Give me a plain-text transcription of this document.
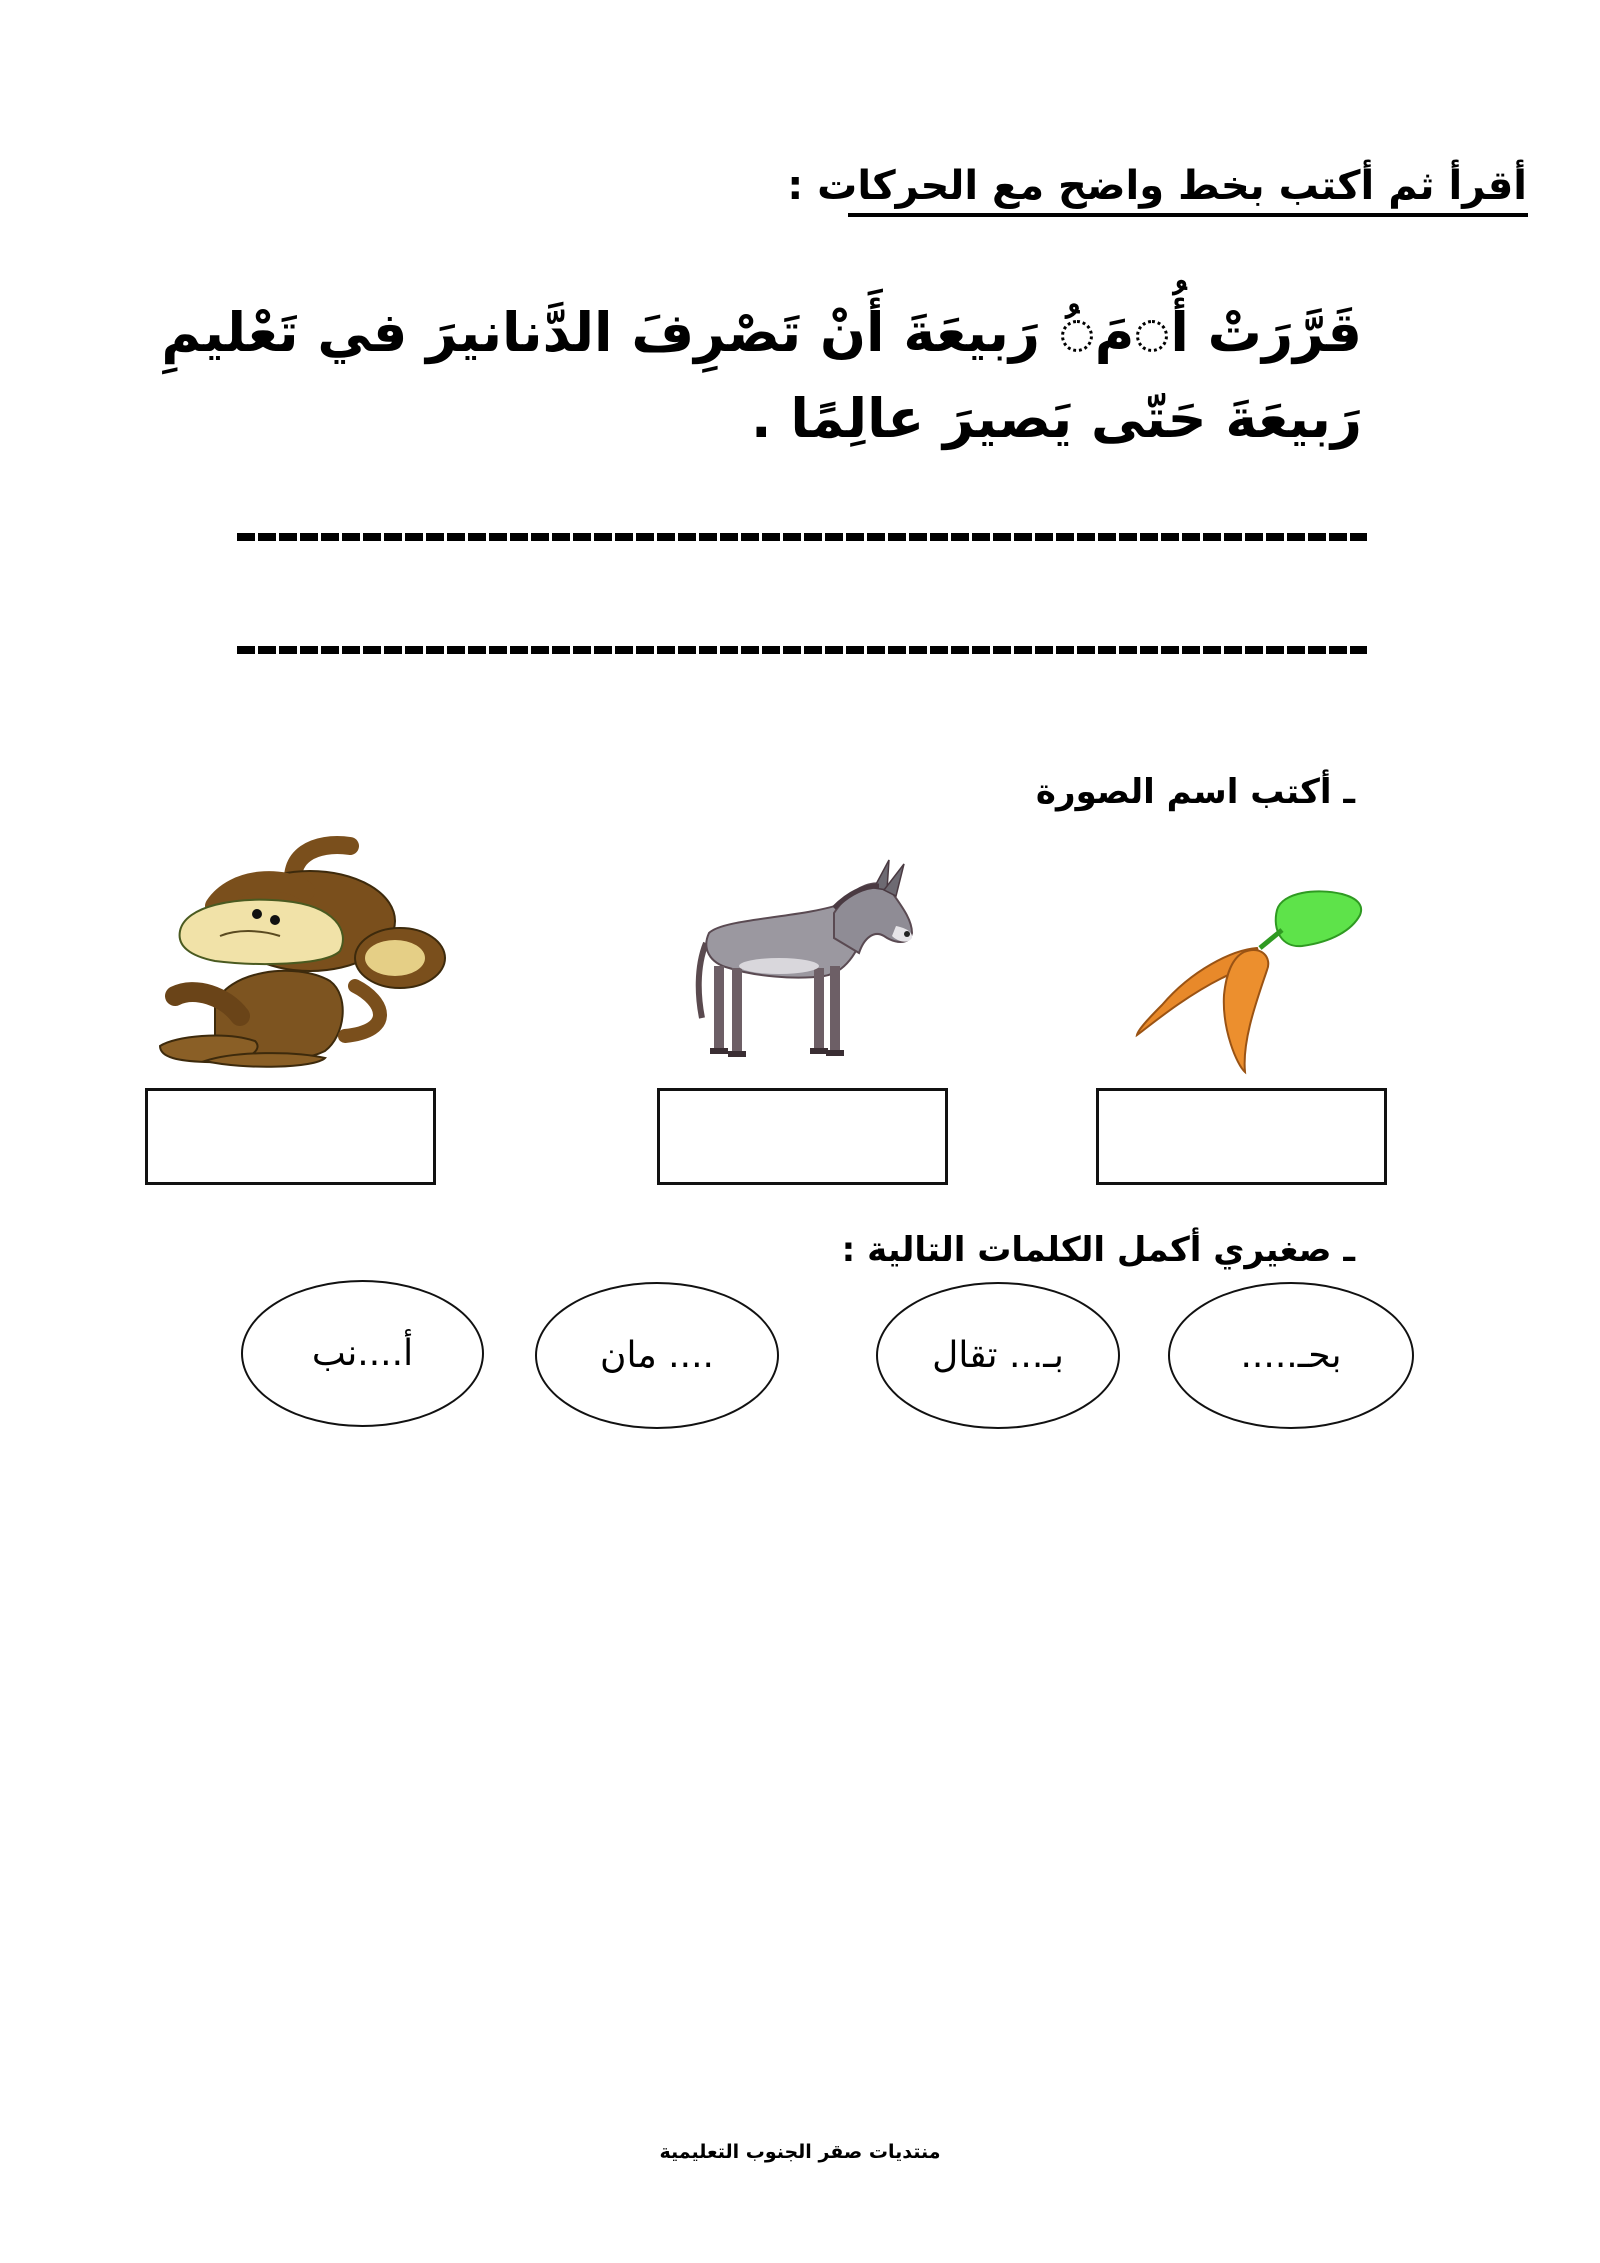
أقرأ ثم أكتب بخط واضح مع الحركات :
قَرَّرَتْ أُمَُ رَبيعَةَ أَنْ تَصْرِفَ الدَّنانيرَ في تَعْليمِ
رَبيعَةَ حَتّى يَصيرَ عالِمًا .
ـ أكتب اسم الصورة
ـ صغيري أكمل الكلمات التالية :
أ....نب	.... مان	بـ... تقال	بحـ.....
منتديات صقر الجنوب التعليمية
